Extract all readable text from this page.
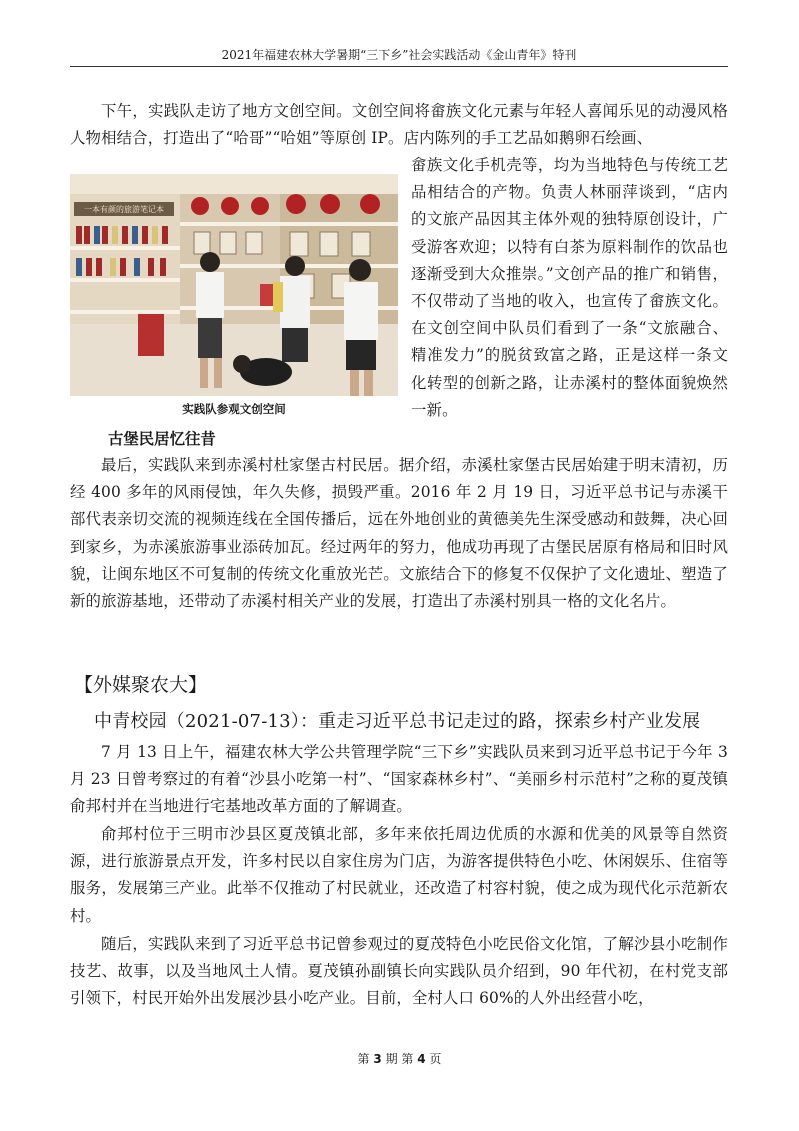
2021年福建农林大学暑期“三下乡”社会实践活动《金山青年》特刊

下午，实践队走访了地方文创空间。文创空间将畲族文化元素与年轻人喜闻乐见的动漫风格人物相结合，打造出了“哈哥”“哈姐”等原创 IP。店内陈列的手工艺品如鹅卵石绘画、

一本有颜的旅游笔记本
实践队参观文创空间

畲族文化手机壳等，均为当地特色与传统工艺品相结合的产物。负责人林丽萍谈到，“店内的文旅产品因其主体外观的独特原创设计，广受游客欢迎；以特有白茶为原料制作的饮品也逐渐受到大众推崇。”文创产品的推广和销售，不仅带动了当地的收入，也宣传了畲族文化。在文创空间中队员们看到了一条“文旅融合、精准发力”的脱贫致富之路，正是这样一条文化转型的创新之路，让赤溪村的整体面貌焕然一新。

古堡民居忆往昔

最后，实践队来到赤溪村杜家堡古村民居。据介绍，赤溪杜家堡古民居始建于明末清初，历经 400 多年的风雨侵蚀，年久失修，损毁严重。2016 年 2 月 19 日，习近平总书记与赤溪干部代表亲切交流的视频连线在全国传播后，远在外地创业的黄德美先生深受感动和鼓舞，决心回到家乡，为赤溪旅游事业添砖加瓦。经过两年的努力，他成功再现了古堡民居原有格局和旧时风貌，让闽东地区不可复制的传统文化重放光芒。文旅结合下的修复不仅保护了文化遗址、塑造了新的旅游基地，还带动了赤溪村相关产业的发展，打造出了赤溪村别具一格的文化名片。

【外媒聚农大】
中青校园（2021-07-13）：重走习近平总书记走过的路，探索乡村产业发展

7 月 13 日上午，福建农林大学公共管理学院“三下乡”实践队员来到习近平总书记于今年 3 月 23 日曾考察过的有着“沙县小吃第一村”、“国家森林乡村”、“美丽乡村示范村”之称的夏茂镇俞邦村并在当地进行宅基地改革方面的了解调查。

俞邦村位于三明市沙县区夏茂镇北部，多年来依托周边优质的水源和优美的风景等自然资源，进行旅游景点开发，许多村民以自家住房为门店，为游客提供特色小吃、休闲娱乐、住宿等服务，发展第三产业。此举不仅推动了村民就业，还改造了村容村貌，使之成为现代化示范新农村。

随后，实践队来到了习近平总书记曾参观过的夏茂特色小吃民俗文化馆，了解沙县小吃制作技艺、故事，以及当地风土人情。夏茂镇孙副镇长向实践队员介绍到，90 年代初，在村党支部引领下，村民开始外出发展沙县小吃产业。目前，全村人口 60%的人外出经营小吃，

第 3 期 第 4 页
